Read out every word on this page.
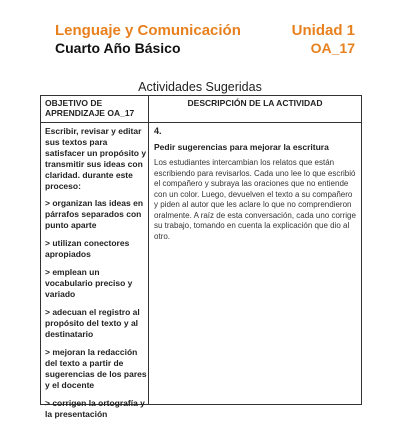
Lenguaje y Comunicación
Cuarto Año Básico
Unidad 1
OA_17
Actividades Sugeridas
OBJETIVO DE APRENDIZAJE OA_17
DESCRIPCIÓN DE LA ACTIVIDAD
Escribir, revisar y editar sus textos para satisfacer un propósito y transmitir sus ideas con claridad. durante este proceso:
> organizan las ideas en párrafos separados con punto aparte
> utilizan conectores apropiados
> emplean un vocabulario preciso y variado
> adecuan el registro al propósito del texto y al destinatario
> mejoran la redacción del texto a partir de sugerencias de los pares y el docente
> corrigen la ortografía y la presentación
4.
Pedir sugerencias para mejorar la escritura
Los estudiantes intercambian los relatos que están escribiendo para revisarlos. Cada uno lee lo que escribió el compañero y subraya las oraciones que no entiende con un color. Luego, devuelven el texto a su compañero y piden al autor que les aclare lo que no comprendieron oralmente. A raíz de esta conversación, cada uno corrige su trabajo, tomando en cuenta la explicación que dio al otro.
